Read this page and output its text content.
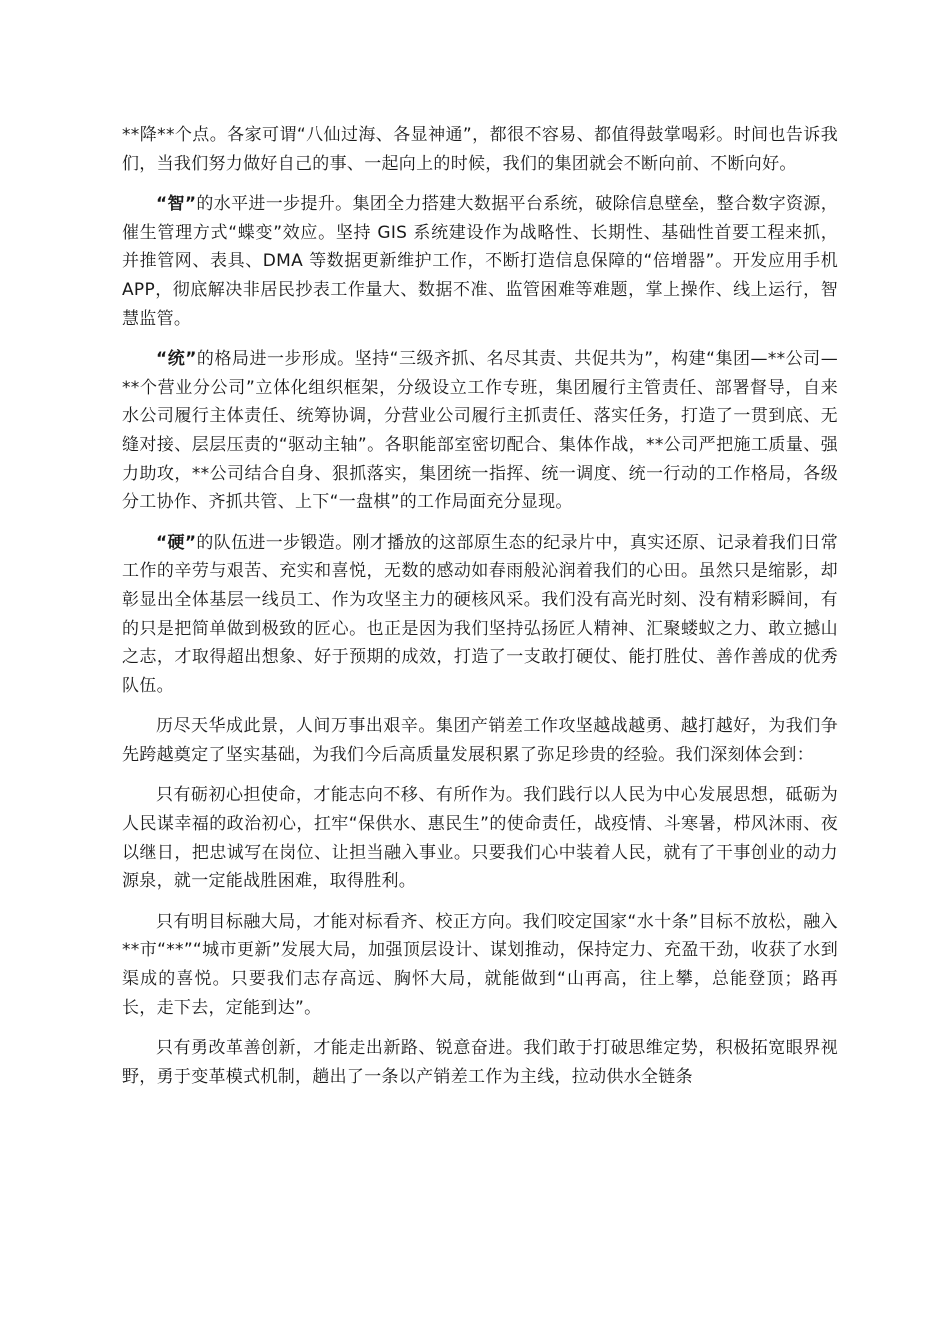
**降**个点。各家可谓“八仙过海、各显神通”，都很不容易、都值得鼓掌喝彩。时间也告诉我们，当我们努力做好自己的事、一起向上的时候，我们的集团就会不断向前、不断向好。

“智”的水平进一步提升。集团全力搭建大数据平台系统，破除信息壁垒，整合数字资源，催生管理方式“蝶变”效应。坚持 GIS 系统建设作为战略性、长期性、基础性首要工程来抓，并推管网、表具、DMA 等数据更新维护工作，不断打造信息保障的“倍增器”。开发应用手机 APP，彻底解决非居民抄表工作量大、数据不准、监管困难等难题，掌上操作、线上运行，智慧监管。

“统”的格局进一步形成。坚持“三级齐抓、名尽其责、共促共为”，构建“集团—**公司—**个营业分公司”立体化组织框架，分级设立工作专班，集团履行主管责任、部署督导，自来水公司履行主体责任、统筹协调，分营业公司履行主抓责任、落实任务，打造了一贯到底、无缝对接、层层压责的“驱动主轴”。各职能部室密切配合、集体作战，**公司严把施工质量、强力助攻，**公司结合自身、狠抓落实，集团统一指挥、统一调度、统一行动的工作格局，各级分工协作、齐抓共管、上下“一盘棋”的工作局面充分显现。

“硬”的队伍进一步锻造。刚才播放的这部原生态的纪录片中，真实还原、记录着我们日常工作的辛劳与艰苦、充实和喜悦，无数的感动如春雨般沁润着我们的心田。虽然只是缩影，却彰显出全体基层一线员工、作为攻坚主力的硬核风采。我们没有高光时刻、没有精彩瞬间，有的只是把简单做到极致的匠心。也正是因为我们坚持弘扬匠人精神、汇聚蝼蚁之力、敢立撼山之志，才取得超出想象、好于预期的成效，打造了一支敢打硬仗、能打胜仗、善作善成的优秀队伍。

历尽天华成此景，人间万事出艰辛。集团产销差工作攻坚越战越勇、越打越好，为我们争先跨越奠定了坚实基础，为我们今后高质量发展积累了弥足珍贵的经验。我们深刻体会到：

只有砺初心担使命，才能志向不移、有所作为。我们践行以人民为中心发展思想，砥砺为人民谋幸福的政治初心，扛牢“保供水、惠民生”的使命责任，战疫情、斗寒暑，栉风沐雨、夜以继日，把忠诚写在岗位、让担当融入事业。只要我们心中装着人民，就有了干事创业的动力源泉，就一定能战胜困难，取得胜利。

只有明目标融大局，才能对标看齐、校正方向。我们咬定国家“水十条”目标不放松，融入**市“**”“城市更新”发展大局，加强顶层设计、谋划推动，保持定力、充盈干劲，收获了水到渠成的喜悦。只要我们志存高远、胸怀大局，就能做到“山再高，往上攀，总能登顶；路再长，走下去，定能到达”。

只有勇改革善创新，才能走出新路、锐意奋进。我们敢于打破思维定势，积极拓宽眼界视野，勇于变革模式机制，趟出了一条以产销差工作为主线，拉动供水全链条
